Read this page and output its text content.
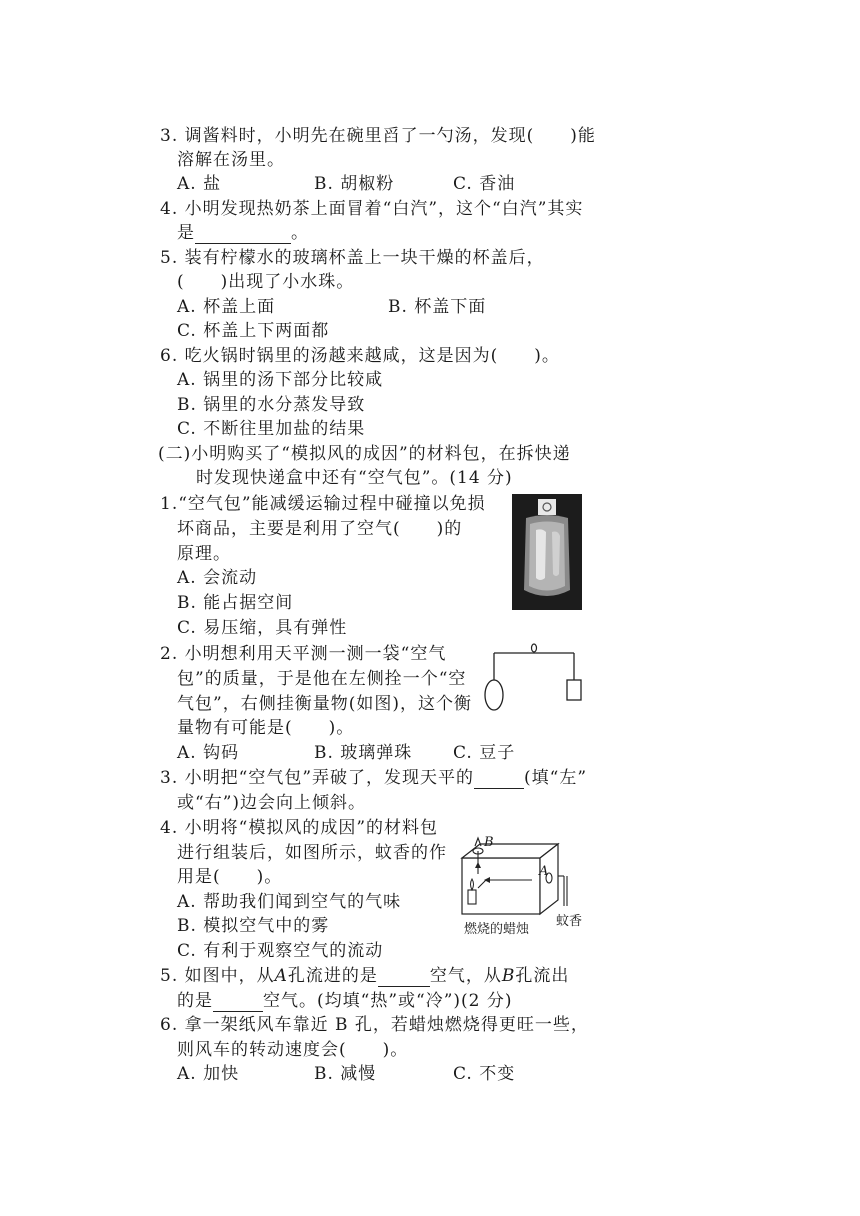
3. 调酱料时，小明先在碗里舀了一勺汤，发现(　　)能
溶解在汤里。
A. 盐	B. 胡椒粉	C. 香油
4. 小明发现热奶茶上面冒着“白汽”，这个“白汽”其实
是	。
5. 装有柠檬水的玻璃杯盖上一块干燥的杯盖后，
(　　)出现了小水珠。
A. 杯盖上面	B. 杯盖下面
C. 杯盖上下两面都
6. 吃火锅时锅里的汤越来越咸，这是因为(　　)。
A. 锅里的汤下部分比较咸
B. 锅里的水分蒸发导致
C. 不断往里加盐的结果
(二)小明购买了“模拟风的成因”的材料包，在拆快递
时发现快递盒中还有“空气包”。(14 分)
1.“空气包”能减缓运输过程中碰撞以免损
坏商品，主要是利用了空气(　　)的
原理。
A. 会流动
B. 能占据空间
C. 易压缩，具有弹性
2. 小明想利用天平测一测一袋“空气
包”的质量，于是他在左侧拴一个“空
气包”，右侧挂衡量物(如图)，这个衡
量物有可能是(　　)。
A. 钩码	B. 玻璃弹珠 C. 豆子
3. 小明把“空气包”弄破了，发现天平的	(填“左”
或“右”)边会向上倾斜。
4. 小明将“模拟风的成因”的材料包
进行组装后，如图所示，蚊香的作
用是(　　)。
A. 帮助我们闻到空气的气味
B. 模拟空气中的雾
C. 有利于观察空气的流动
B
A
燃烧的蜡烛
蚊香
5. 如图中，从A孔流进的是	空气，从B孔流出
的是	空气。(均填“热”或“冷”)(2 分)
6. 拿一架纸风车靠近 B 孔，若蜡烛燃烧得更旺一些，
则风车的转动速度会(　　)。
A. 加快	B. 减慢	C. 不变
